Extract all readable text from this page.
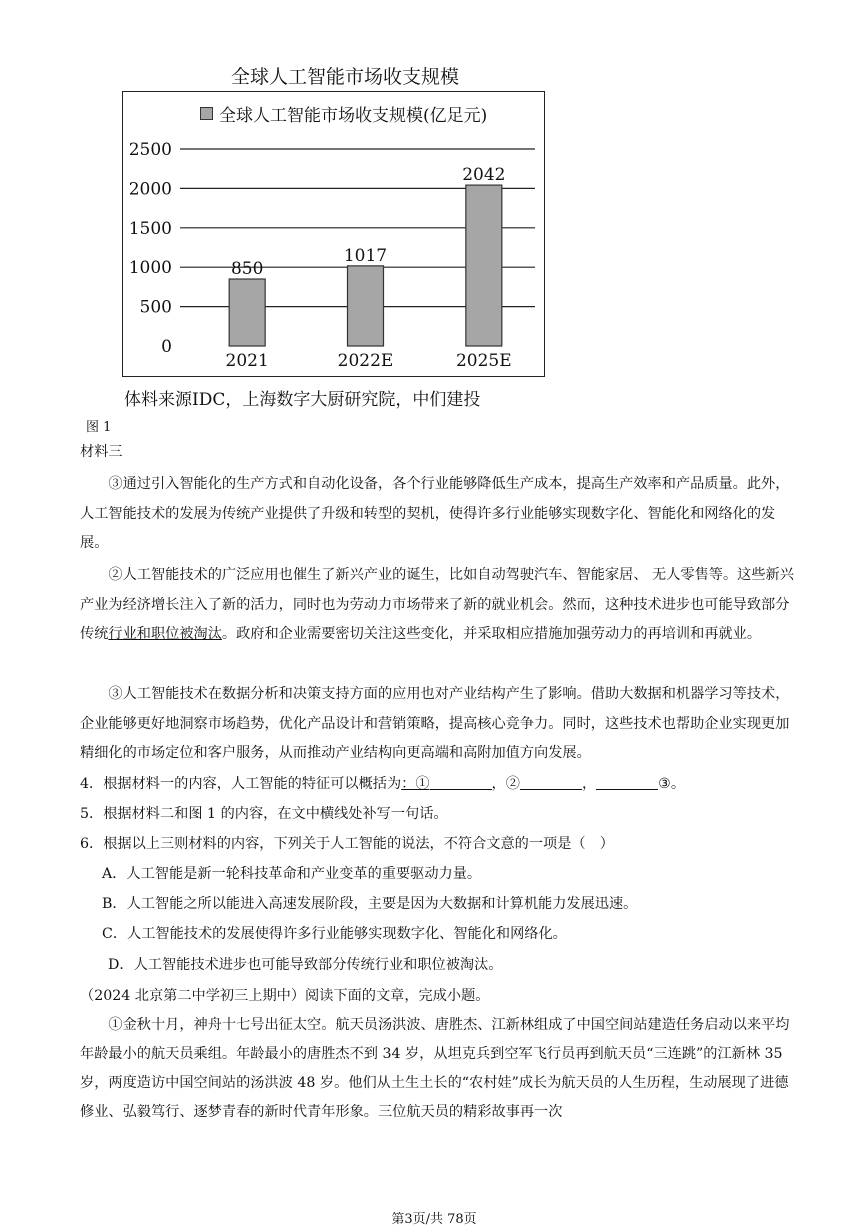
全球人工智能市场收支规模
全球人工智能市场收支规模(亿足元)
0
500
1000
1500
2000
2500
850
2021
1017
2022E
2042
2025E
体料来源IDC，上海数字大厨研究院，中们建投
图 1
材料三
③通过引入智能化的生产方式和自动化设备，各个行业能够降低生产成本，提高生产效率和产品质量。此外，人工智能技术的发展为传统产业提供了升级和转型的契机，使得许多行业能够实现数字化、智能化和网络化的发展。
②人工智能技术的广泛应用也催生了新兴产业的诞生，比如自动驾驶汽车、智能家居、 无人零售等。这些新兴产业为经济增长注入了新的活力，同时也为劳动力市场带来了新的就业机会。然而，这种技术进步也可能导致部分传统行业和职位被淘汰。政府和企业需要密切关注这些变化，并采取相应措施加强劳动力的再培训和再就业。
③人工智能技术在数据分析和决策支持方面的应用也对产业结构产生了影响。借助大数据和机器学习等技术，企业能够更好地洞察市场趋势，优化产品设计和营销策略，提高核心竞争力。同时，这些技术也帮助企业实现更加精细化的市场定位和客户服务，从而推动产业结构向更高端和高附加值方向发展。
4．根据材料一的内容，人工智能的特征可以概括为：①	，②	，	③。
5．根据材料二和图 1 的内容，在文中横线处补写一句话。
6．根据以上三则材料的内容，下列关于人工智能的说法，不符合文意的一项是（　）
A．人工智能是新一轮科技革命和产业变革的重要驱动力量。
B．人工智能之所以能进入高速发展阶段，主要是因为大数据和计算机能力发展迅速。
C．人工智能技术的发展使得许多行业能够实现数字化、智能化和网络化。
D．人工智能技术进步也可能导致部分传统行业和职位被淘汰。
（2024 北京第二中学初三上期中）阅读下面的文章，完成小题。
①金秋十月，神舟十七号出征太空。航天员汤洪波、唐胜杰、江新林组成了中国空间站建造任务启动以来平均年龄最小的航天员乘组。年龄最小的唐胜杰不到 34 岁，从坦克兵到空军飞行员再到航天员“三连跳”的江新林 35 岁，两度造访中国空间站的汤洪波 48 岁。他们从土生土长的“农村娃”成长为航天员的人生历程，生动展现了进德修业、弘毅笃行、逐梦青春的新时代青年形象。三位航天员的精彩故事再一次
第3页/共 78页
